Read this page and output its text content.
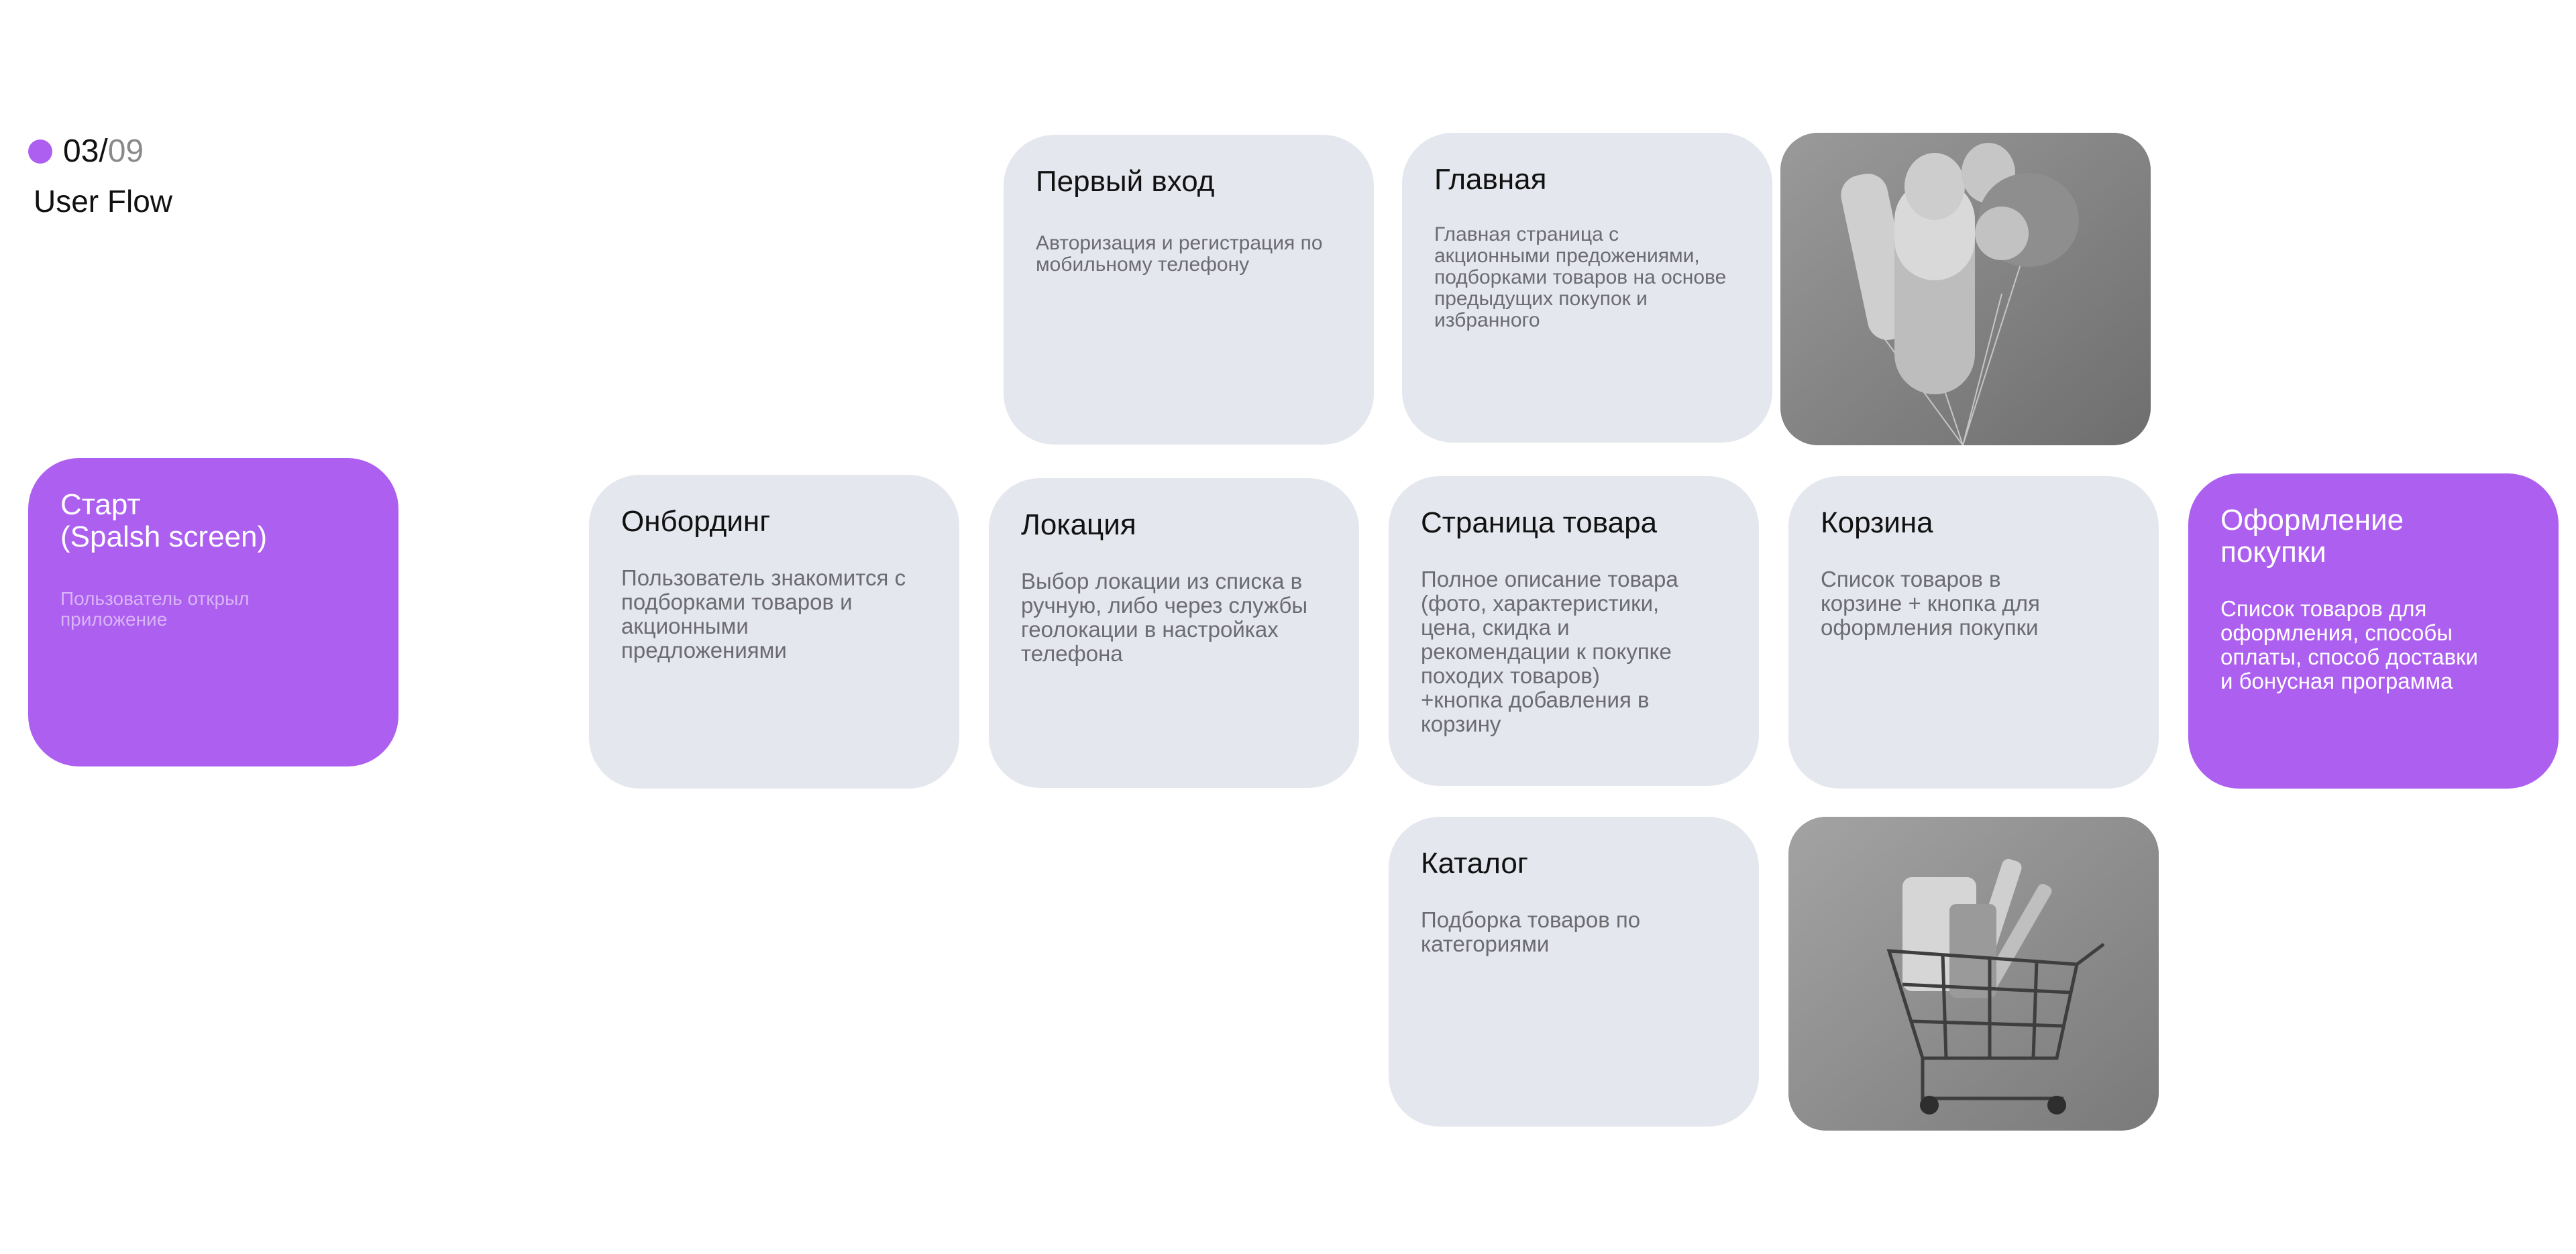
03 / 09
User Flow

Старт
(Spalsh screen)

Пользователь открыл
приложение

Онбординг

Пользователь знакомится с
подборками товаров и
акционными
предложениями

Первый вход

Авторизация и регистрация по
мобильному телефону

Локация

Выбор локации из списка в
ручную, либо через службы
геолокации в настройках
телефона

Главная

Главная страница с
акционными предожениями,
подборками товаров на основе
предыдущих покупок и
избранного

Страница товара

Полное описание товара
(фото, характеристики,
цена, скидка и
рекомендации к покупке
походих товаров)
+кнопка добавления в
корзину

Каталог

Подборка товаров по
категориями

Корзина

Список товаров в
корзине + кнопка для
оформления покупки

Оформление
покупки

Список товаров для
оформления, способы
оплаты, способ доставки
и бонусная программа
